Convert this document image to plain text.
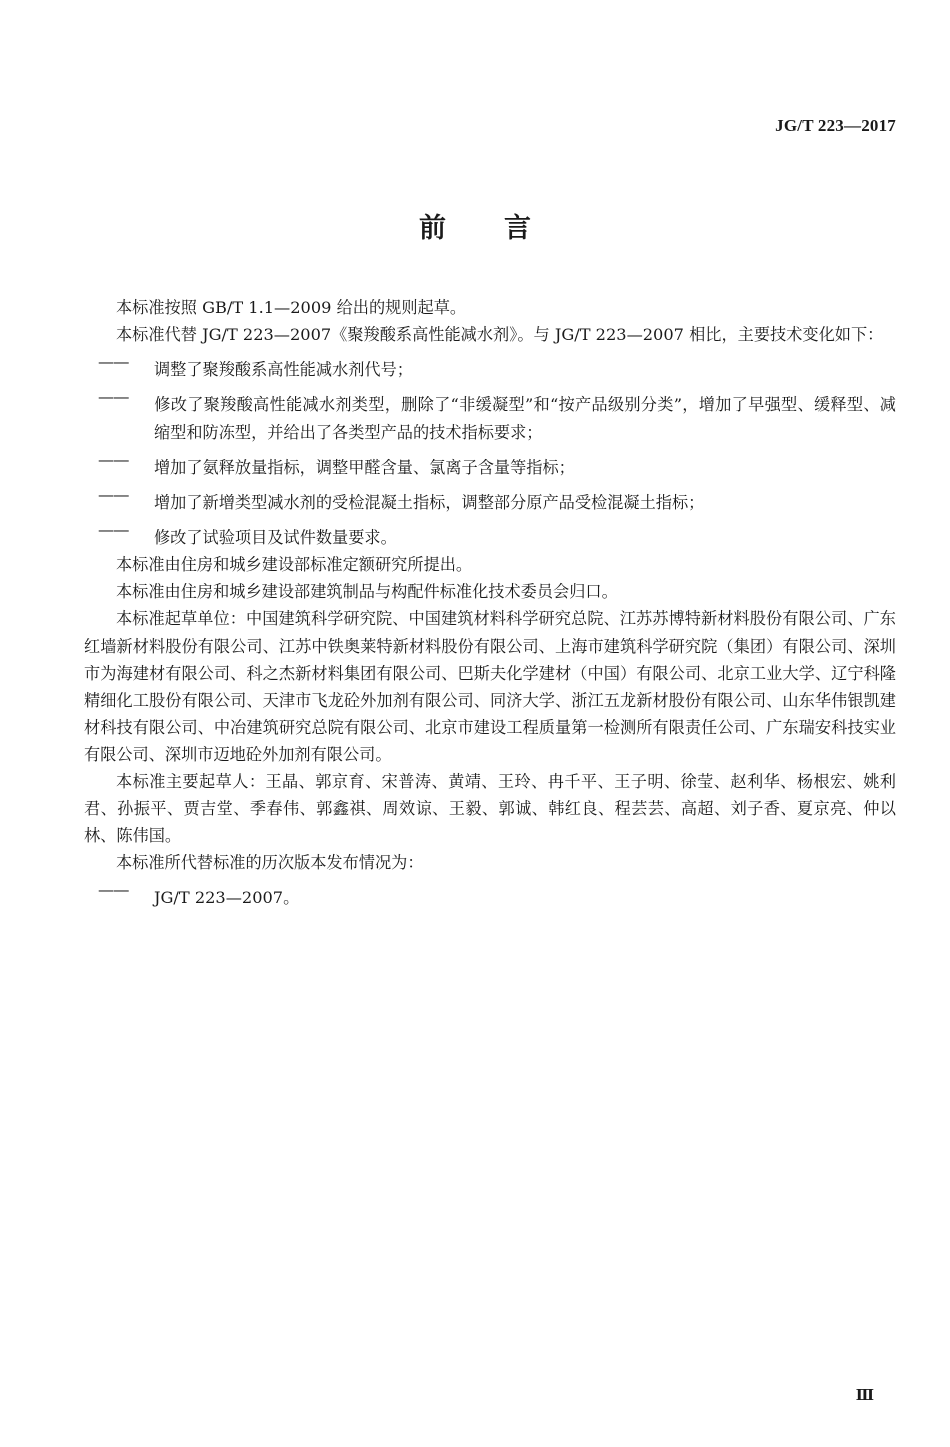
JG/T 223—2017
前言

本标准按照 GB/T 1.1—2009 给出的规则起草。

本标准代替 JG/T 223—2007《聚羧酸系高性能减水剂》。与 JG/T 223—2007 相比，主要技术变化如下：

—— 调整了聚羧酸系高性能减水剂代号；

—— 修改了聚羧酸高性能减水剂类型，删除了“非缓凝型”和“按产品级别分类”，增加了早强型、缓释型、减缩型和防冻型，并给出了各类型产品的技术指标要求；

—— 增加了氨释放量指标，调整甲醛含量、氯离子含量等指标；

—— 增加了新增类型减水剂的受检混凝土指标，调整部分原产品受检混凝土指标；

—— 修改了试验项目及试件数量要求。

本标准由住房和城乡建设部标准定额研究所提出。

本标准由住房和城乡建设部建筑制品与构配件标准化技术委员会归口。

本标准起草单位：中国建筑科学研究院、中国建筑材料科学研究总院、江苏苏博特新材料股份有限公司、广东红墙新材料股份有限公司、江苏中铁奥莱特新材料股份有限公司、上海市建筑科学研究院（集团）有限公司、深圳市为海建材有限公司、科之杰新材料集团有限公司、巴斯夫化学建材（中国）有限公司、北京工业大学、辽宁科隆精细化工股份有限公司、天津市飞龙砼外加剂有限公司、同济大学、浙江五龙新材股份有限公司、山东华伟银凯建材科技有限公司、中冶建筑研究总院有限公司、北京市建设工程质量第一检测所有限责任公司、广东瑞安科技实业有限公司、深圳市迈地砼外加剂有限公司。

本标准主要起草人：王晶、郭京育、宋普涛、黄靖、王玲、冉千平、王子明、徐莹、赵利华、杨根宏、姚利君、孙振平、贾吉堂、季春伟、郭鑫祺、周效谅、王毅、郭诚、韩红良、程芸芸、高超、刘子香、夏京亮、仲以林、陈伟国。

本标准所代替标准的历次版本发布情况为：

—— JG/T 223—2007。

Ⅲ
